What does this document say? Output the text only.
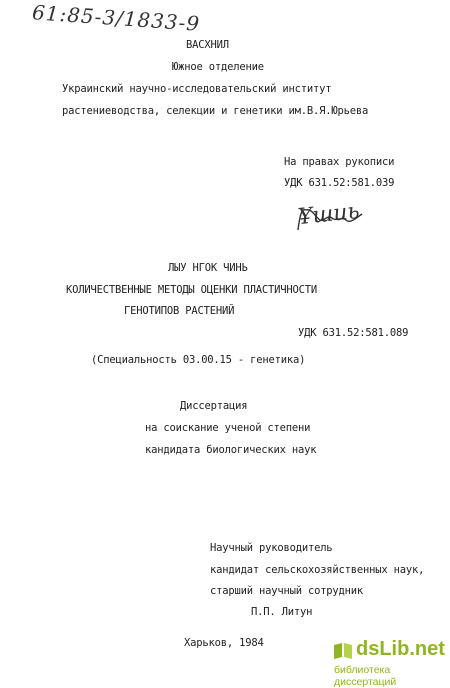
61:85-3/1833-9
ВАСХНИЛ
Южное отделение
Украинский научно-исследовательский институт
растениеводства, селекции и генетики им.В.Я.Юрьева
На правах рукописи
УДК 631.52:581.039
Ұшиь
ЛЫУ НГОК ЧИНЬ
КОЛИЧЕСТВЕННЫЕ МЕТОДЫ ОЦЕНКИ ПЛАСТИЧНОСТИ
ГЕНОТИПОВ РАСТЕНИЙ
УДК 631.52:581.089
(Специальность 03.00.15 - генетика)
Диссертация
на соискание ученой степени
кандидата биологических наук
Научный руководитель
кандидат сельскохозяйственных наук,
старший научный сотрудник
П.П. Литун
Харьков, 1984	dsLib.net
библиотека диссертаций
